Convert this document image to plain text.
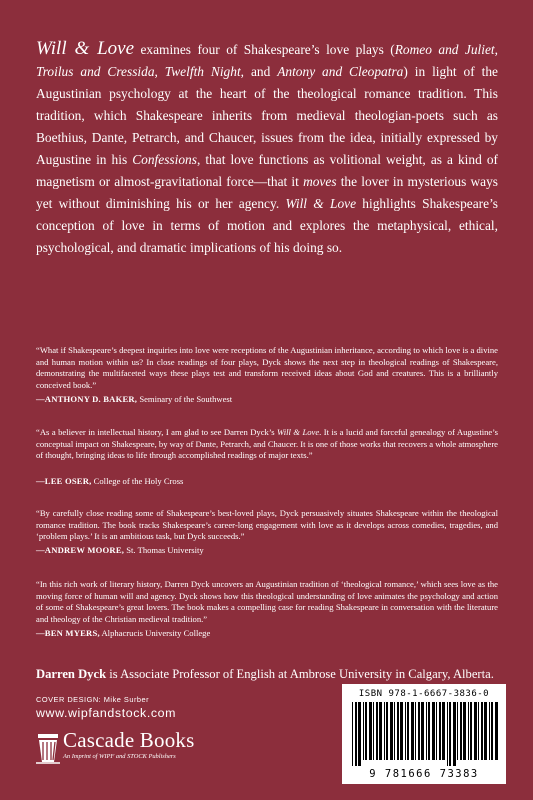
Will & Love examines four of Shakespeare’s love plays (Romeo and Juliet, Troilus and Cressida, Twelfth Night, and Antony and Cleopatra) in light of the Augustinian psychology at the heart of the theological romance tradition. This tradition, which Shakespeare inherits from medieval theologian-poets such as Boethius, Dante, Petrarch, and Chaucer, issues from the idea, initially expressed by Augustine in his Confessions, that love functions as volitional weight, as a kind of magnetism or almost-gravitational force—that it moves the lover in mysterious ways yet without diminishing his or her agency. Will & Love highlights Shakespeare’s conception of love in terms of motion and explores the metaphysical, ethical, psychological, and dramatic implications of his doing so.

“What if Shakespeare’s deepest inquiries into love were receptions of the Augustinian inheritance, according to which love is a divine and human motion within us? In close readings of four plays, Dyck shows the next step in theological readings of Shakespeare, demonstrating the multifaceted ways these plays test and transform received ideas about God and creatures. This is a brilliantly conceived book.”

—ANTHONY D. BAKER, Seminary of the Southwest

“As a believer in intellectual history, I am glad to see Darren Dyck’s Will & Love. It is a lucid and forceful genealogy of Augustine’s conceptual impact on Shakespeare, by way of Dante, Petrarch, and Chaucer. It is one of those works that recovers a whole atmosphere of thought, bringing ideas to life through accomplished readings of major texts.”

—LEE OSER, College of the Holy Cross

“By carefully close reading some of Shakespeare’s best-loved plays, Dyck persuasively situates Shakespeare within the theological romance tradition. The book tracks Shakespeare’s career-long engagement with love as it develops across comedies, tragedies, and ‘problem plays.’ It is an ambitious task, but Dyck succeeds.”

—ANDREW MOORE, St. Thomas University

“In this rich work of literary history, Darren Dyck uncovers an Augustinian tradition of ‘theological romance,’ which sees love as the moving force of human will and agency. Dyck shows how this theological understanding of love animates the psychology and action of some of Shakespeare’s great lovers. The book makes a compelling case for reading Shakespeare in conversation with the literature and theology of the Christian medieval tradition.”

—BEN MYERS, Alphacrucis University College

Darren Dyck is Associate Professor of English at Ambrose University in Calgary, Alberta.

COVER DESIGN: Mike Surber

www.wipfandstock.com

Cascade Books
An Imprint of WIPF and STOCK Publishers
ISBN 978-1-6667-3836-0
9 781666 73383
